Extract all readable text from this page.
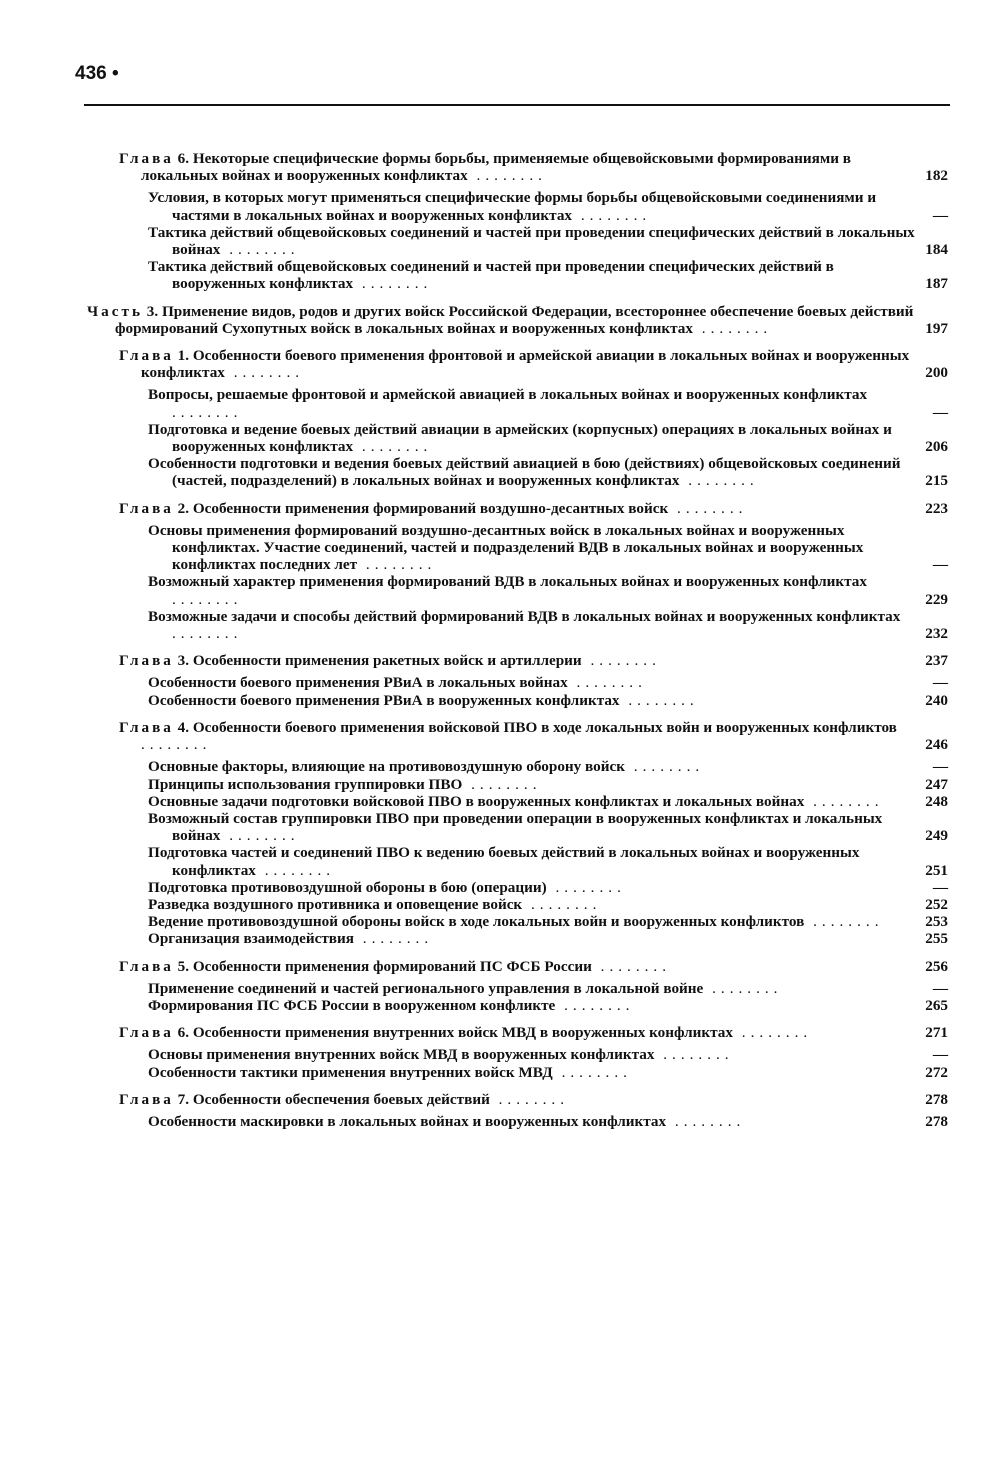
436 •
Глава 6. Некоторые специфические формы борьбы, применяемые общевойсковыми формированиями в локальных войнах и вооруженных конфликтах ........	182
Условия, в которых могут применяться специфические формы борьбы общевойсковыми соединениями и частями в локальных войнах и вооруженных конфликтах ........	—
Тактика действий общевойсковых соединений и частей при проведении специфических действий в локальных войнах ........	184
Тактика действий общевойсковых соединений и частей при проведении специфических действий в вооруженных конфликтах ........	187
Часть 3. Применение видов, родов и других войск Российской Федерации, всестороннее обеспечение боевых действий формирований Сухопутных войск в локальных войнах и вооруженных конфликтах ........	197
Глава 1. Особенности боевого применения фронтовой и армейской авиации в локальных войнах и вооруженных конфликтах ........	200
Вопросы, решаемые фронтовой и армейской авиацией в локальных войнах и вооруженных конфликтах ........	—
Подготовка и ведение боевых действий авиации в армейских (корпусных) операциях в локальных войнах и вооруженных конфликтах ........	206
Особенности подготовки и ведения боевых действий авиацией в бою (действиях) общевойсковых соединений (частей, подразделений) в локальных войнах и вооруженных конфликтах ........	215
Глава 2. Особенности применения формирований воздушно-десантных войск ........	223
Основы применения формирований воздушно-десантных войск в локальных войнах и вооруженных конфликтах. Участие соединений, частей и подразделений ВДВ в локальных войнах и вооруженных конфликтах последних лет ........	—
Возможный характер применения формирований ВДВ в локальных войнах и вооруженных конфликтах ........	229
Возможные задачи и способы действий формирований ВДВ в локальных войнах и вооруженных конфликтах ........	232
Глава 3. Особенности применения ракетных войск и артиллерии ........	237
Особенности боевого применения РВиА в локальных войнах ........	—
Особенности боевого применения РВиА в вооруженных конфликтах ........	240
Глава 4. Особенности боевого применения войсковой ПВО в ходе локальных войн и вооруженных конфликтов ........	246
Основные факторы, влияющие на противовоздушную оборону войск ........	—
Принципы использования группировки ПВО ........	247
Основные задачи подготовки войсковой ПВО в вооруженных конфликтах и локальных войнах ........	248
Возможный состав группировки ПВО при проведении операции в вооруженных конфликтах и локальных войнах ........	249
Подготовка частей и соединений ПВО к ведению боевых действий в локальных войнах и вооруженных конфликтах ........	251
Подготовка противовоздушной обороны в бою (операции) ........	—
Разведка воздушного противника и оповещение войск ........	252
Ведение противовоздушной обороны войск в ходе локальных войн и вооруженных конфликтов ........	253
Организация взаимодействия ........	255
Глава 5. Особенности применения формирований ПС ФСБ России ........	256
Применение соединений и частей регионального управления в локальной войне ........	—
Формирования ПС ФСБ России в вооруженном конфликте ........	265
Глава 6. Особенности применения внутренних войск МВД в вооруженных конфликтах ........	271
Основы применения внутренних войск МВД в вооруженных конфликтах ........	—
Особенности тактики применения внутренних войск МВД ........	272
Глава 7. Особенности обеспечения боевых действий ........	278
Особенности маскировки в локальных войнах и вооруженных конфликтах ........	278
